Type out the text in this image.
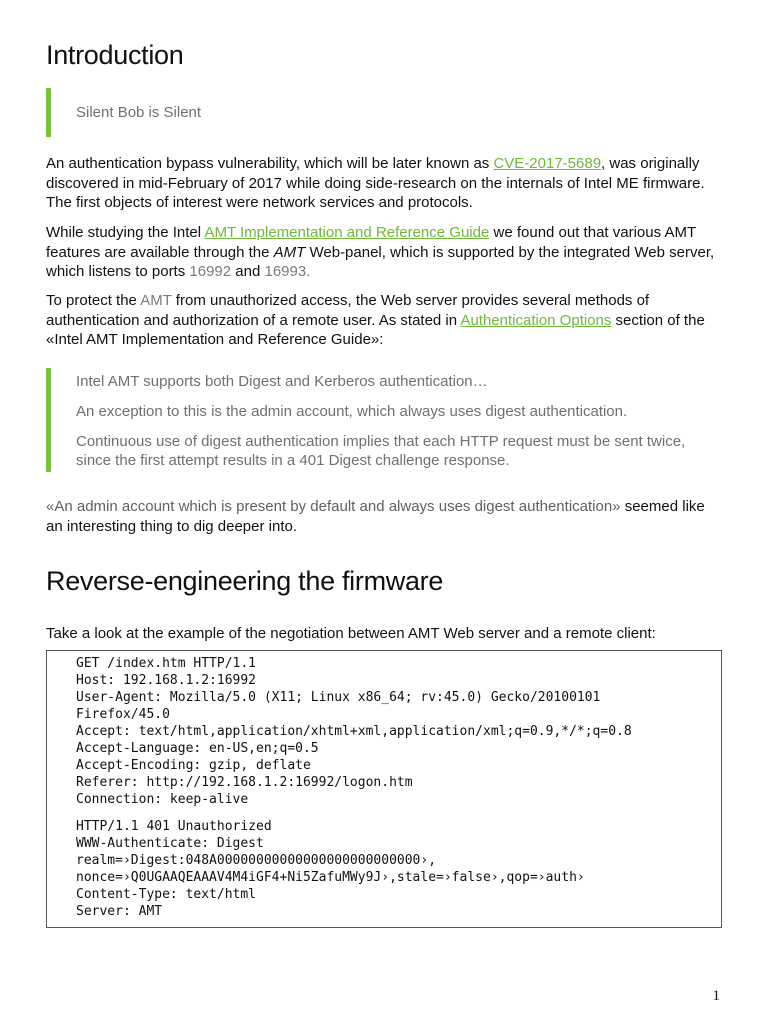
Introduction

Silent Bob is Silent

An authentication bypass vulnerability, which will be later known as CVE-2017-5689, was originally discovered in mid-February of 2017 while doing side-research on the internals of Intel ME firmware. The first objects of interest were network services and protocols.

While studying the Intel AMT Implementation and Reference Guide we found out that various AMT features are available through the AMT Web-panel, which is supported by the integrated Web server, which listens to ports 16992 and 16993.

To protect the AMT from unauthorized access, the Web server provides several methods of authentication and authorization of a remote user. As stated in Authentication Options section of the «Intel AMT Implementation and Reference Guide»:

Intel AMT supports both Digest and Kerberos authentication…

An exception to this is the admin account, which always uses digest authentication.

Continuous use of digest authentication implies that each HTTP request must be sent twice, since the first attempt results in a 401 Digest challenge response.

«An admin account which is present by default and always uses digest authentication» seemed like an interesting thing to dig deeper into.

Reverse-engineering the firmware

Take a look at the example of the negotiation between AMT Web server and a remote client:

GET /index.htm HTTP/1.1
Host: 192.168.1.2:16992
User-Agent: Mozilla/5.0 (X11; Linux x86_64; rv:45.0) Gecko/20100101
Firefox/45.0
Accept: text/html,application/xhtml+xml,application/xml;q=0.9,*/*;q=0.8
Accept-Language: en-US,en;q=0.5
Accept-Encoding: gzip, deflate
Referer: http://192.168.1.2:16992/logon.htm
Connection: keep-alive
HTTP/1.1 401 Unauthorized
WWW-Authenticate: Digest
realm=›Digest:048A00000000000000000000000000›,
nonce=›Q0UGAAQEAAAV4M4iGF4+Ni5ZafuMWy9J›,stale=›false›,qop=›auth›
Content-Type: text/html
Server: AMT
1
